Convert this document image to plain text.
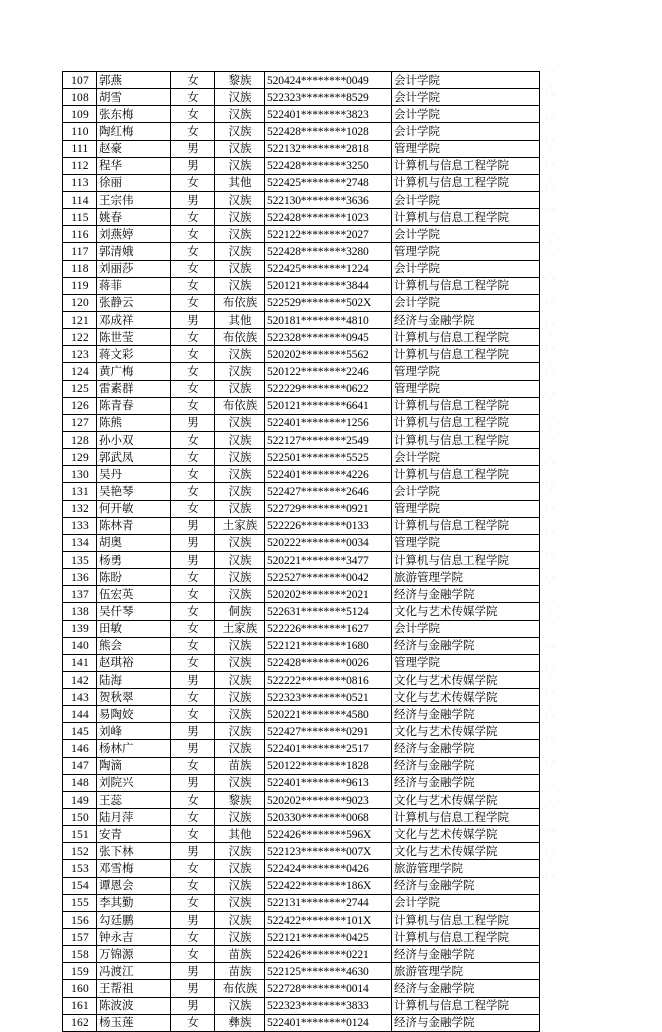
107	郭燕	女	黎族	520424********0049	会计学院
108	胡雪	女	汉族	522323********8529	会计学院
109	张东梅	女	汉族	522401********3823	会计学院
110	陶红梅	女	汉族	522428********1028	会计学院
111	赵豪	男	汉族	522132********2818	管理学院
112	程华	男	汉族	522428********3250	计算机与信息工程学院
113	徐丽	女	其他	522425********2748	计算机与信息工程学院
114	王宗伟	男	汉族	522130********3636	会计学院
115	姚春	女	汉族	522428********1023	计算机与信息工程学院
116	刘燕婷	女	汉族	522122********2027	会计学院
117	郭清娥	女	汉族	522428********3280	管理学院
118	刘丽莎	女	汉族	522425********1224	会计学院
119	蒋菲	女	汉族	520121********3844	计算机与信息工程学院
120	张静云	女	布依族	522529********502X	会计学院
121	邓成祥	男	其他	520181********4810	经济与金融学院
122	陈世莹	女	布依族	522328********0945	计算机与信息工程学院
123	蒋文彩	女	汉族	520202********5562	计算机与信息工程学院
124	黄广梅	女	汉族	520122********2246	管理学院
125	雷素群	女	汉族	522229********0622	管理学院
126	陈青春	女	布依族	520121********6641	计算机与信息工程学院
127	陈熊	男	汉族	522401********1256	计算机与信息工程学院
128	孙小双	女	汉族	522127********2549	计算机与信息工程学院
129	郭武凤	女	汉族	522501********5525	会计学院
130	吴丹	女	汉族	522401********4226	计算机与信息工程学院
131	吴艳琴	女	汉族	522427********2646	会计学院
132	何开敏	女	汉族	522729********0921	管理学院
133	陈林青	男	土家族	522226********0133	计算机与信息工程学院
134	胡奥	男	汉族	520222********0034	管理学院
135	杨勇	男	汉族	520221********3477	计算机与信息工程学院
136	陈盼	女	汉族	522527********0042	旅游管理学院
137	伍宏英	女	汉族	520202********2021	经济与金融学院
138	吴仟琴	女	侗族	522631********5124	文化与艺术传媒学院
139	田敏	女	土家族	522226********1627	会计学院
140	熊会	女	汉族	522121********1680	经济与金融学院
141	赵琪裕	女	汉族	522428********0026	管理学院
142	陆海	男	汉族	522222********0816	文化与艺术传媒学院
143	贺秋翠	女	汉族	522323********0521	文化与艺术传媒学院
144	易陶姣	女	汉族	520221********4580	经济与金融学院
145	刘峰	男	汉族	522427********0291	文化与艺术传媒学院
146	杨林广	男	汉族	522401********2517	经济与金融学院
147	陶滴	女	苗族	520122********1828	经济与金融学院
148	刘院兴	男	汉族	522401********9613	经济与金融学院
149	王蕊	女	黎族	520202********9023	文化与艺术传媒学院
150	陆月萍	女	汉族	520330********0068	计算机与信息工程学院
151	安青	女	其他	522426********596X	文化与艺术传媒学院
152	张下林	男	汉族	522123********007X	文化与艺术传媒学院
153	邓雪梅	女	汉族	522424********0426	旅游管理学院
154	谭恩会	女	汉族	522422********186X	经济与金融学院
155	李其勤	女	汉族	522131********2744	会计学院
156	勾廷鹏	男	汉族	522422********101X	计算机与信息工程学院
157	钟永吉	女	汉族	522121********0425	计算机与信息工程学院
158	万锦源	女	苗族	522426********0221	经济与金融学院
159	冯渡江	男	苗族	522125********4630	旅游管理学院
160	王帮祖	男	布依族	522728********0014	经济与金融学院
161	陈波波	男	汉族	522323********3833	计算机与信息工程学院
162	杨玉莲	女	彝族	522401********0124	经济与金融学院
